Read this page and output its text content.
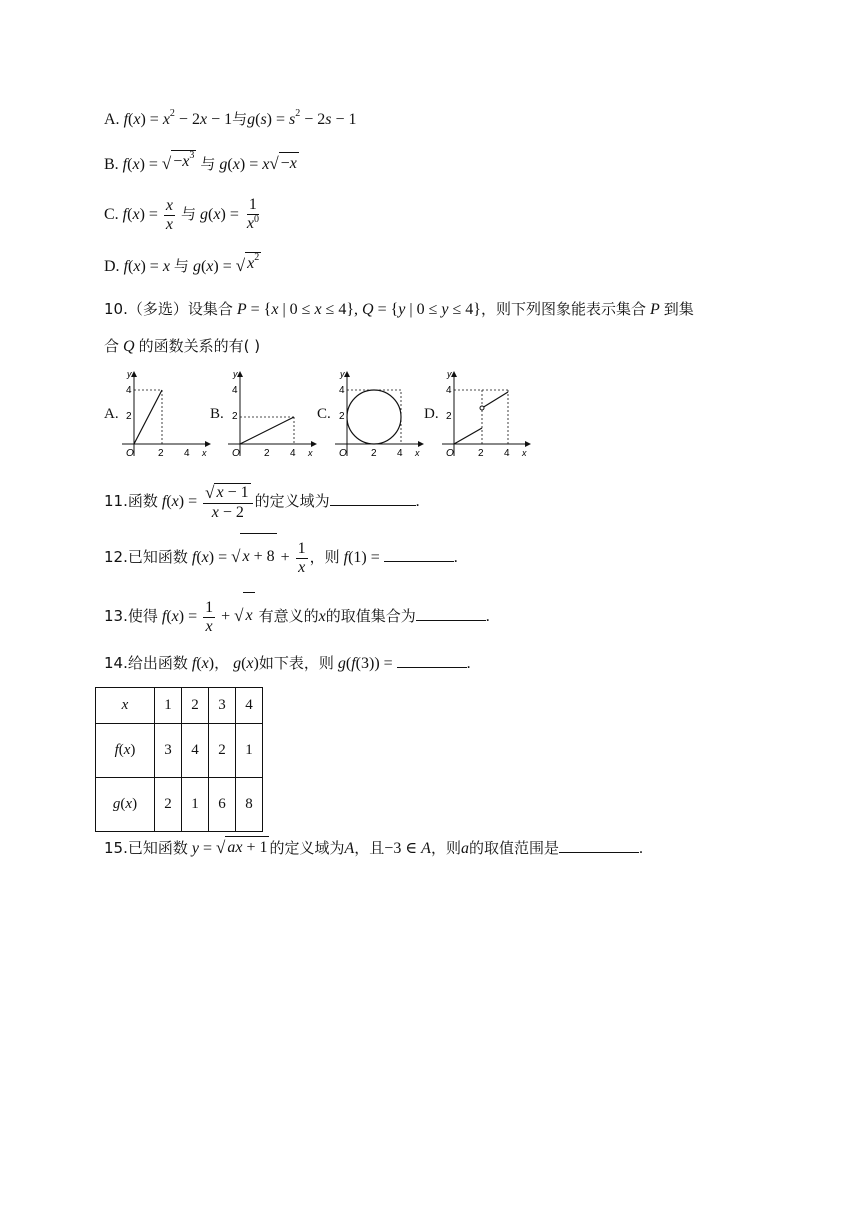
A. $f(x) = x^2 - 2x - 1$与$g(s) = s^2 - 2s - 1$
B. f(x) = √ $-x^3$ 与 g(x) = x √ −x
C. $f(x) = \frac{x}{x}$ 与 $g(x) = \frac{1}{x^0}$
D. f(x) = x 与 g(x) = √ $x^2$
10.（多选）设集合 P = {x | 0 ≤ x ≤ 4}, Q = {y | 0 ≤ y ≤ 4}，则下列图象能表示集合 P 到集
合 Q 的函数关系的有( )
A.	B.	C.	D.
y
x
O
4
2
2 4
y
x
O
4
2
2 4
y
x
O
4
2
2 4
y
x
O
4
2
2 4
11.函数 $f(x) = \frac{√ x - 1}{x - 2}$ 的定义域为	.
12.已知函数 f(x) = √ $x + 8 + \frac{1}{x}$ ，则 f(1) =	.
13.使得 $f(x) = \frac{1}{x}$ + √ x 有意义的x的取值集合为	.
14.给出函数 f(x)， g(x)如下表，则 g(f(3)) =	.
x	1	2	3	4
f(x)	3	4	2	1
g(x)	2	1	6	8
15.已知函数 y = √ ax + 1 的定义域为A，且−3 ∈ A，则a的取值范围是	.
